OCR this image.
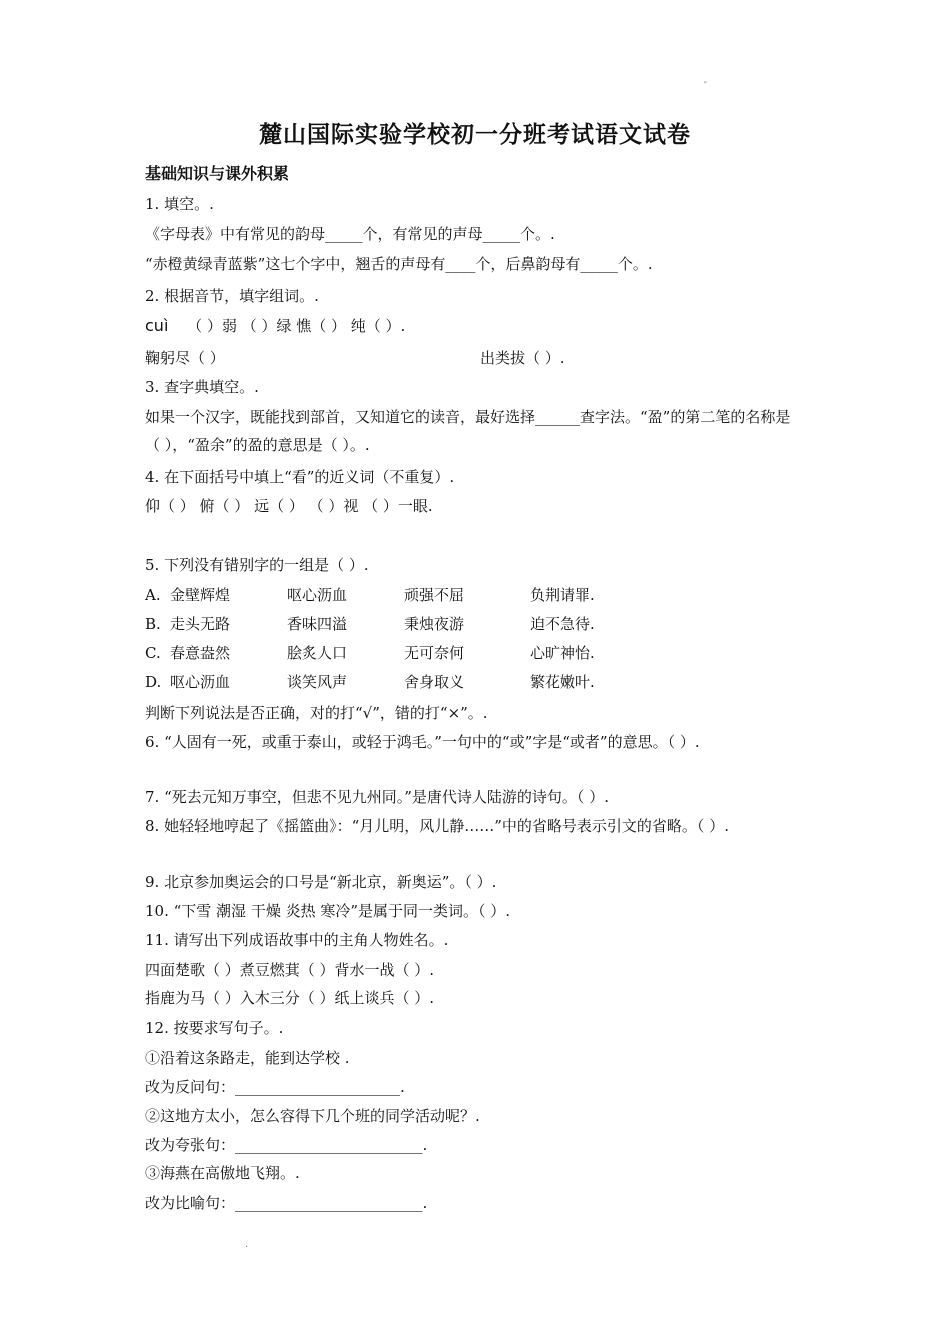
ˇ
麓山国际实验学校初一分班考试语文试卷
基础知识与课外积累
1. 填空。.
《字母表》中有常见的韵母_____个，有常见的声母_____个。.
“赤橙黄绿青蓝紫”这七个字中，翘舌的声母有____个，后鼻韵母有_____个。.
2. 根据音节，填字组词。.
cuì （ ）弱 （ ）绿 憔（ ） 纯（ ）.
鞠躬尽（ ）	出类拔（ ）.
3. 查字典填空。.
如果一个汉字，既能找到部首，又知道它的读音，最好选择______查字法。“盈”的第二笔的名称是（ ），“盈余”的盈的意思是（ ）。.
4. 在下面括号中填上“看”的近义词（不重复）.
仰（ ） 俯（ ） 远（ ） （ ）视 （ ）一眼.
5. 下列没有错别字的一组是（ ）.
A. 金壁辉煌	呕心沥血	顽强不屈	负荆请罪.
B. 走头无路	香味四溢	秉烛夜游	迫不急待.
C. 春意盎然	脍炙人口	无可奈何	心旷神怡.
D. 呕心沥血	谈笑风声	舍身取义	繁花嫩叶.
判断下列说法是否正确，对的打“√”，错的打“×”。.
6. “人固有一死，或重于泰山，或轻于鸿毛。”一句中的“或”字是“或者”的意思。（ ）.
7. “死去元知万事空，但悲不见九州同。”是唐代诗人陆游的诗句。（ ）.
8. 她轻轻地哼起了《摇篮曲》：“月儿明，风儿静……”中的省略号表示引文的省略。（ ）.
9. 北京参加奥运会的口号是“新北京，新奥运”。（ ）.
10. “下雪 潮湿 干燥 炎热 寒冷”是属于同一类词。（ ）.
11. 请写出下列成语故事中的主角人物姓名。.
四面楚歌（ ）煮豆燃萁（ ）背水一战（ ）.
指鹿为马（ ）入木三分（ ）纸上谈兵（ ）.
12. 按要求写句子。.
①沿着这条路走，能到达学校 .
改为反问句：______________________.
②这地方太小，怎么容得下几个班的同学活动呢？.
改为夸张句：_________________________.
③海燕在高傲地飞翔。.
改为比喻句：_________________________.
.
